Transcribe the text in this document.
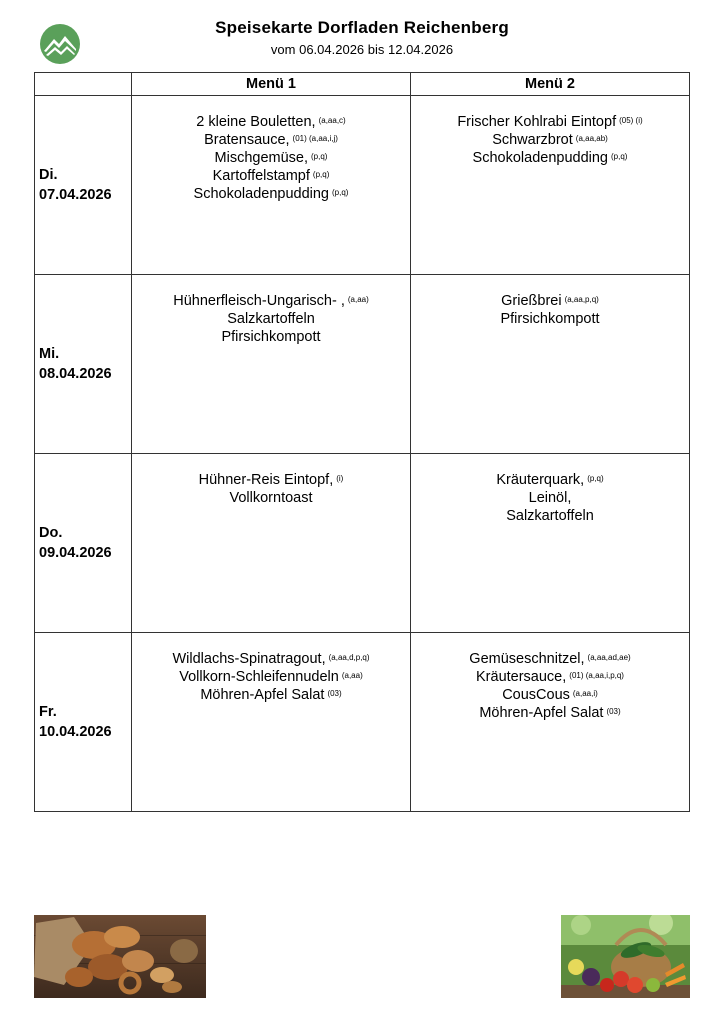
Speisekarte Dorfladen Reichenberg
vom 06.04.2026 bis 12.04.2026
	Menü 1	Menü 2

Di.
07.04.2026	2 kleine Bouletten, $^{(a,aa,c)}$
Bratensauce, $^{(01) (a,aa,i,j)}$
Mischgemüse, $^{(p,q)}$
Kartoffelstampf $^{(p,q)}$
Schokoladenpudding $^{(p,q)}$	Frischer Kohlrabi Eintopf $^{(05) (i)}$
Schwarzbrot $^{(a,aa,ab)}$
Schokoladenpudding $^{(p,q)}$

Mi.
08.04.2026	Hühnerfleisch-Ungarisch- , $^{(a,aa)}$
Salzkartoffeln
Pfirsichkompott	Grießbrei $^{(a,aa,p,q)}$
Pfirsichkompott

Do.
09.04.2026	Hühner-Reis Eintopf, $^{(i)}$
Vollkorntoast	Kräuterquark, $^{(p,q)}$
Leinöl,
Salzkartoffeln

Fr.
10.04.2026	Wildlachs-Spinatragout, $^{(a,aa,d,p,q)}$
Vollkorn-Schleifennudeln $^{(a,aa)}$
Möhren-Apfel Salat $^{(03)}$	Gemüseschnitzel, $^{(a,aa,ad,ae)}$
Kräutersauce, $^{(01) (a,aa,i,p,q)}$
CousCous $^{(a,aa,i)}$
Möhren-Apfel Salat $^{(03)}$
